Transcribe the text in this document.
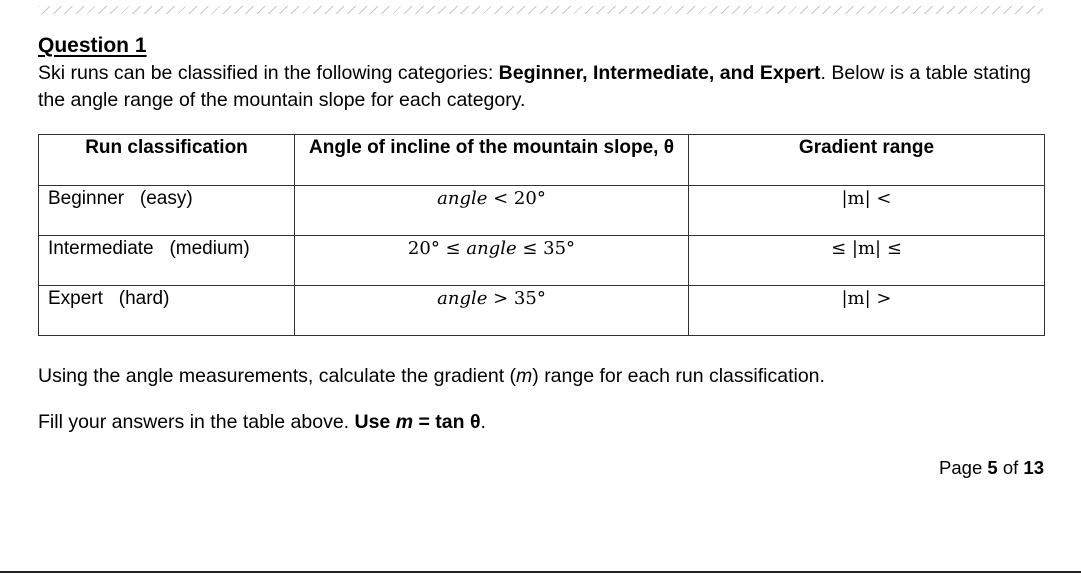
Question 1

Ski runs can be classified in the following categories: Beginner, Intermediate, and Expert. Below is a table stating the angle range of the mountain slope for each category.

Run classification	Angle of incline of the mountain slope, θ	Gradient range
Beginner   (easy)	angle < 20°	|m| <
Intermediate   (medium)	20° ≤ angle ≤ 35°	≤ |m| ≤
Expert   (hard)	angle > 35°	|m| >

Using the angle measurements, calculate the gradient (m) range for each run classification.

Fill your answers in the table above. Use m = tan θ.

Page 5 of 13
